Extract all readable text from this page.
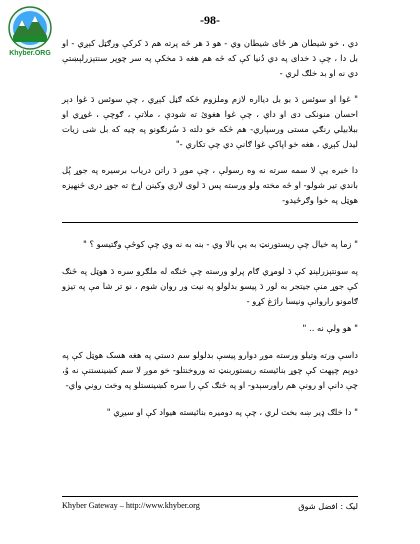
Khyber.ORG
-98-

دي ، خو شيطان هر ځای شيطان وي - هو دَ هر څه پرته هم دَ کرکې ورګټل کېږي - او بل دا ، چې دَ خدای په دي دُنيا کې که څه هم هغه دَ مخکې په سر چوپر سنتېزرلېښتې دي نه او بد خلګ لري -

" غوا او سوئس دَ بو بل ديااره لازم وملزوم څکه ګڼل کېږي ، چې سوئس دَ غوا دېر احسان منونکی دی او داي ، چې غوا هغوئ ته شودې ، ملاتې ، ګوچې ، غوړي او ببلابيلي رنګي مستی ورسپاري- هم څکه خو دلته دَ سُرنګونو په چيه که بل شی زيات ليدل کېږي ، هغه خو اپاکې غوا ګانې دي چې تکاري -"

دا خبره يې لا سمه سرته نه وه رسولې ، چې موږ دَ راتن درياب برسيره په جوړ پُل باندي تير شولو- او څه مخته ولو ورسته پس دَ لوی لاري وکينن اړخ ته جوړ دری څنهيزه هوټل په خوا وګرځيدو-

" زما په خيال چې ريستورنټ به يې بالا وي - بنه به نه وي چې کوڅې وګتيسو ؟ "

په سونتېزرلېنډ کې دَ لومړي ګام پرلو ورسته چې څنګه له ملګرو سره دَ هوټل په څنګ کې جوړ منې جيتجر به لور دَ پيسو بدلولو په نيت ور روان شوم ، نو تر شا مې په تيزو ګامونو راروانې ونيسا راژغ کړو -

" هو ولې نه .. "

داسې ورته وتيلو ورسته موږ دوارو پيسې بدلولو سم دستي په هغه هسک هوټل کې په دوېم چپهت کې چوړ بنائيسته ريستوربنټ ته وروخنتلو- خو موږ لا سم کښينستنې نه وُ، چې دانې او رونې هم راورسېدو- او په څنګ کې را سره کښينستلو په وخت روني واي-

" دا خلګ ډير ښه بخت لري ، چې په دوميره بنائيسته هيواد کې او سيږي "

Khyber Gateway – http://www.khyber.org	ليک : افضل شوق
